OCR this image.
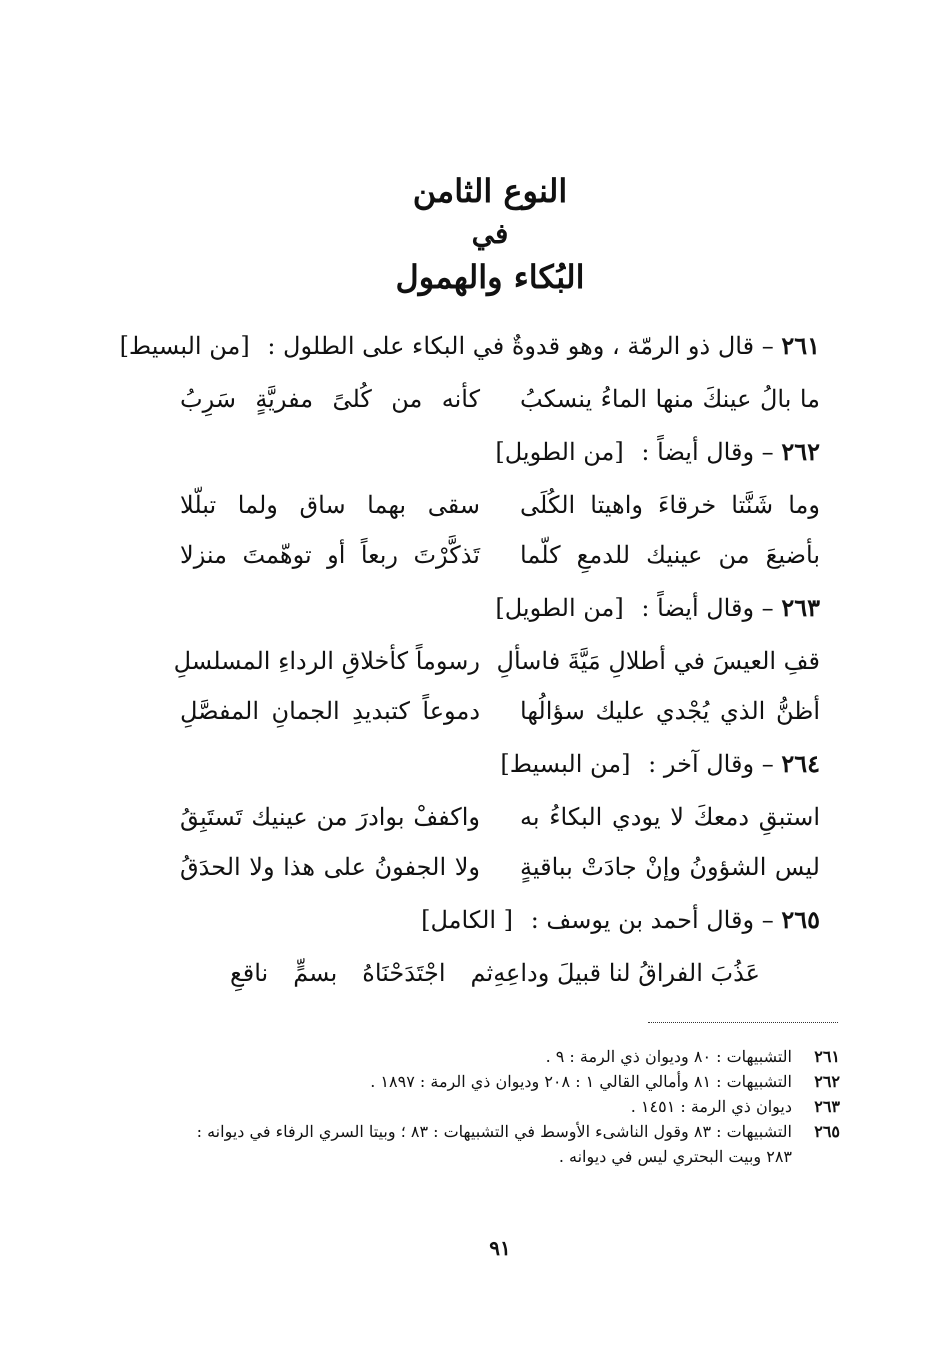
النوع الثامن
في
البُكاء والهمول
٢٦١ – قال ذو الرمّة ، وهو قدوةٌ في البكاء على الطلول : [من البسيط]
ما بالُ عينكَ منها الماءُ ينسكبُ
كأنه من كُلىً مفريَّةٍ سَرِبُ
٢٦٢ – وقال أيضاً : [من الطويل]
وما شَنَّتا خرقاءَ واهيتا الكُلَى
سقى بهما ساق ولما تبلّلا
بأضيعَ من عينيك للدمعِ كلّما
تَذكَّرْتَ ربعاً أو توهّمتَ منزلا
٢٦٣ – وقال أيضاً : [من الطويل]
قفِ العيسَ في أطلالِ مَيَّةَ فاسألِ
رسوماً كأخلاقِ الرداءِ المسلسلِ
أظنُّ الذي يُجْدي عليك سؤالُها
دموعاً كتبديدِ الجمانِ المفصَّلِ
٢٦٤ – وقال آخر : [من البسيط]
استبقِ دمعكَ لا يودي البكاءُ به
واكففْ بوادرَ من عينيك تَستَبِقُ
ليس الشؤونُ وإنْ جادَتْ بباقيةٍ
ولا الجفونُ على هذا ولا الحدَقُ
٢٦٥ – وقال أحمد بن يوسف : [ الكامل]
عَذُبَ الفراقُ لنا قبيلَ وداعِهِ
ثم اجْتَدَحْنَاهُ بسمٍّ ناقعِ
٢٦١
التشبيهات : ٨٠ وديوان ذي الرمة : ٩ .
٢٦٢
التشبيهات : ٨١ وأمالي القالي ١ : ٢٠٨ وديوان ذي الرمة : ١٨٩٧ .
٢٦٣
ديوان ذي الرمة : ١٤٥١ .
٢٦٥
التشبيهات : ٨٣ وقول الناشىء الأوسط في التشبيهات : ٨٣ ؛ وبيتا السري الرفاء في ديوانه :
٢٨٣ وبيت البحتري ليس في ديوانه .
٩١
